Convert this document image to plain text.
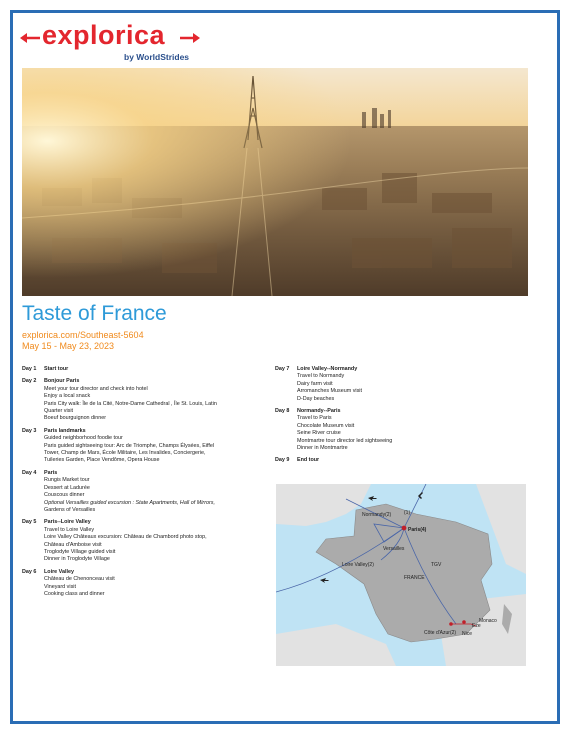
explorica
by WorldStrides
Taste of France
explorica.com/Southeast-5604
May 15 - May 23, 2023
Day 1 Start tour
Day 2 Bonjour Paris
Meet your tour director and check into hotel
Enjoy a local snack
Paris City walk: Île de la Cité, Notre-Dame Cathedral , Île St. Louis, Latin
Quarter visit
Boeuf bourguignon dinner
Day 3 Paris landmarks
Guided neighborhood foodie tour
Paris guided sightseeing tour: Arc de Triomphe, Champs Élysées, Eiffel
Tower, Champ de Mars, École Militaire, Les Invalides, Conciergerie,
Tuileries Garden, Place Vendôme, Opera House
Day 4 Paris
Rungis Market tour
Dessert at Ladurée
Couscous dinner
Optional Versailles guided excursion : State Apartments, Hall of Mirrors,
Gardens of Versailles
Day 5 Paris--Loire Valley
Travel to Loire Valley
Loire Valley Châteaux excursion: Château de Chambord photo stop,
Château d'Amboise visit
Troglodyte Village guided visit
Dinner in Troglodyte Village
Day 6 Loire Valley
Château de Chenonceau visit
Vineyard visit
Cooking class and dinner
Day 7 Loire Valley--Normandy
Travel to Normandy
Dairy farm visit
Arromanches Museum visit
D-Day beaches
Day 8 Normandy--Paris
Travel to Paris
Chocolate Museum visit
Seine River cruise
Montmartre tour director led sightseeing
Dinner in Montmartre
Day 9 End tour
Normandy(2)	(1)
Paris(4)
Versailles
Loire Valley(2)
FRANCE
TGV
Côte d'Azur(2)
Monaco
Eze
Nice
